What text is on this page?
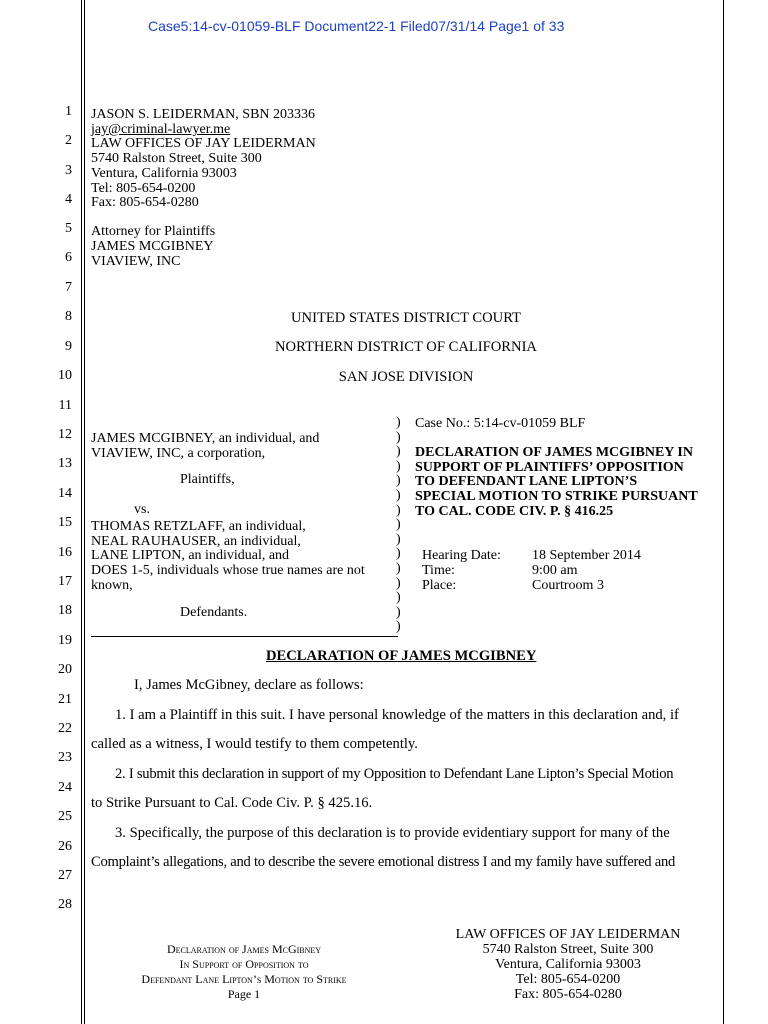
Case5:14-cv-01059-BLF Document22-1 Filed07/31/14 Page1 of 33
1
2
3
4
5
6
7
8
9
10
11
12
13
14
15
16
17
18
19
20
21
22
23
24
25
26
27
28
JASON S. LEIDERMAN, SBN 203336
jay@criminal-lawyer.me
LAW OFFICES OF JAY LEIDERMAN
5740 Ralston Street, Suite 300
Ventura, California 93003
Tel: 805-654-0200
Fax: 805-654-0280
Attorney for Plaintiffs
JAMES MCGIBNEY
VIAVIEW, INC
UNITED STATES DISTRICT COURT
NORTHERN DISTRICT OF CALIFORNIA
SAN JOSE DIVISION
JAMES MCGIBNEY, an individual, and
VIAVIEW, INC, a corporation,
Plaintiffs,
vs.
THOMAS RETZLAFF, an individual,
NEAL RAUHAUSER, an individual,
LANE LIPTON, an individual, and
DOES 1-5, individuals whose true names are not
known,
Defendants.
)
)
)
)
)
)
)
)
)
)
)
)
)
)
)
Case No.: 5:14-cv-01059 BLF
DECLARATION OF JAMES MCGIBNEY IN
SUPPORT OF PLAINTIFFS’ OPPOSITION
TO DEFENDANT LANE LIPTON’S
SPECIAL MOTION TO STRIKE PURSUANT
TO CAL. CODE CIV. P. § 416.25
Hearing Date: 18 September 2014
Time:	9:00 am
Place:	Courtroom 3
DECLARATION OF JAMES MCGIBNEY
I, James McGibney, declare as follows:
1. I am a Plaintiff in this suit. I have personal knowledge of the matters in this declaration and, if
called as a witness, I would testify to them competently.
2. I submit this declaration in support of my Opposition to Defendant Lane Lipton’s Special Motion
to Strike Pursuant to Cal. Code Civ. P. § 425.16.
3. Specifically, the purpose of this declaration is to provide evidentiary support for many of the
Complaint’s allegations, and to describe the severe emotional distress I and my family have suffered and
Declaration of James McGibney
In Support of Opposition to
Defendant Lane Lipton’s Motion to Strike
Page 1
LAW OFFICES OF JAY LEIDERMAN
5740 Ralston Street, Suite 300
Ventura, California 93003
Tel: 805-654-0200
Fax: 805-654-0280
